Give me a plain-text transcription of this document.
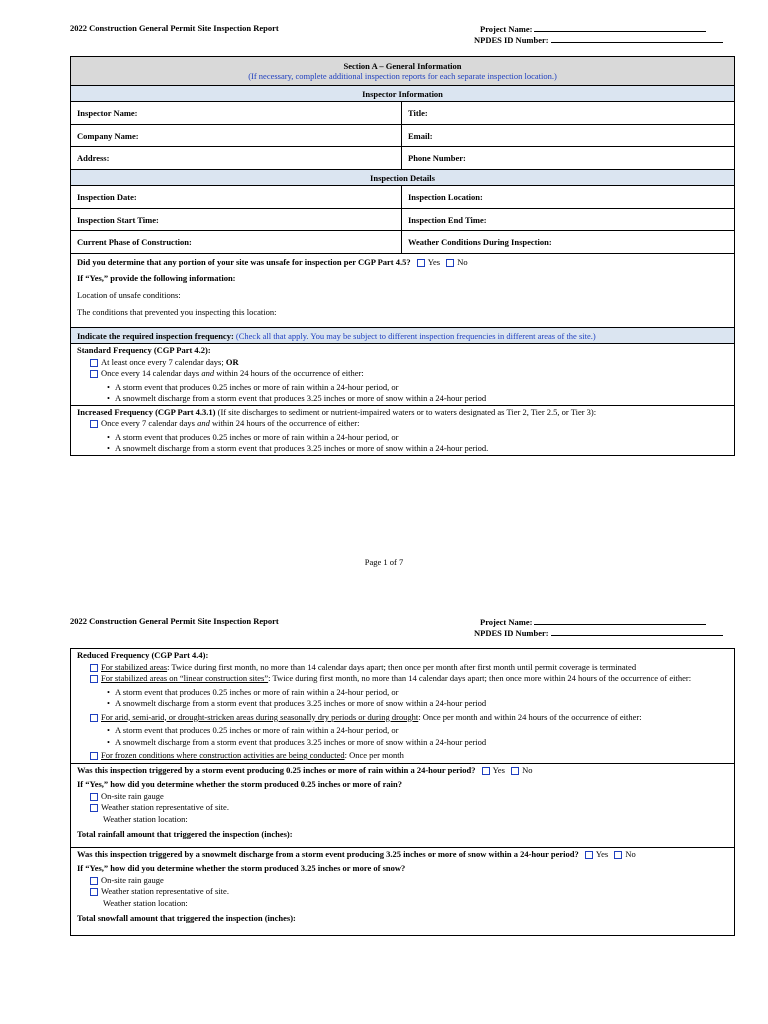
2022 Construction General Permit Site Inspection Report	Project Name:
NPDES ID Number:
Section A – General Information
(If necessary, complete additional inspection reports for each separate inspection location.)	

Inspector Information	
Inspector Name:	Title:
Company Name:	Email:
Address:	Phone Number:
Inspection Details	
Inspection Date:	Inspection Location:
Inspection Start Time:	Inspection End Time:
Current Phase of Construction:	Weather Conditions During Inspection:

Did you determine that any portion of your site was unsafe for inspection per CGP Part 4.5? Yes No
If “Yes,” provide the following information:
Location of unsafe conditions:
The conditions that prevented you inspecting this location:	

Indicate the required inspection frequency: (Check all that apply. You may be subject to different inspection frequencies in different areas of the site.)	

Standard Frequency (CGP Part 4.2):
At least once every 7 calendar days; OR
Once every 14 calendar days and within 24 hours of the occurrence of either:
• A storm event that produces 0.25 inches or more of rain within a 24-hour period, or
• A snowmelt discharge from a storm event that produces 3.25 inches or more of snow within a 24-hour period

Increased Frequency (CGP Part 4.3.1) (If site discharges to sediment or nutrient-impaired waters or to waters designated as Tier 2, Tier 2.5, or Tier 3):
Once every 7 calendar days and within 24 hours of the occurrence of either:
• A storm event that produces 0.25 inches or more of rain within a 24-hour period, or
• A snowmelt discharge from a storm event that produces 3.25 inches or more of snow within a 24-hour period.
Page 1 of 7
2022 Construction General Permit Site Inspection Report	Project Name:
NPDES ID Number:
Reduced Frequency (CGP Part 4.4):
For stabilized areas: Twice during first month, no more than 14 calendar days apart; then once per month after first month until permit coverage is terminated
For stabilized areas on “linear construction sites”: Twice during first month, no more than 14 calendar days apart; then once more within 24 hours of the occurrence of either:
• A storm event that produces 0.25 inches or more of rain within a 24-hour period, or
• A snowmelt discharge from a storm event that produces 3.25 inches or more of snow within a 24-hour period
For arid, semi-arid, or drought-stricken areas during seasonally dry periods or during drought: Once per month and within 24 hours of the occurrence of either:
• A storm event that produces 0.25 inches or more of rain within a 24-hour period, or
• A snowmelt discharge from a storm event that produces 3.25 inches or more of snow within a 24-hour period
For frozen conditions where construction activities are being conducted: Once per month

Was this inspection triggered by a storm event producing 0.25 inches or more of rain within a 24-hour period? Yes No
If “Yes,” how did you determine whether the storm produced 0.25 inches or more of rain?
On-site rain gauge
Weather station representative of site.
Weather station location:
Total rainfall amount that triggered the inspection (inches):

Was this inspection triggered by a snowmelt discharge from a storm event producing 3.25 inches or more of snow within a 24-hour period? Yes No
If “Yes,” how did you determine whether the storm produced 3.25 inches or more of snow?
On-site rain gauge
Weather station representative of site.
Weather station location:
Total snowfall amount that triggered the inspection (inches):
